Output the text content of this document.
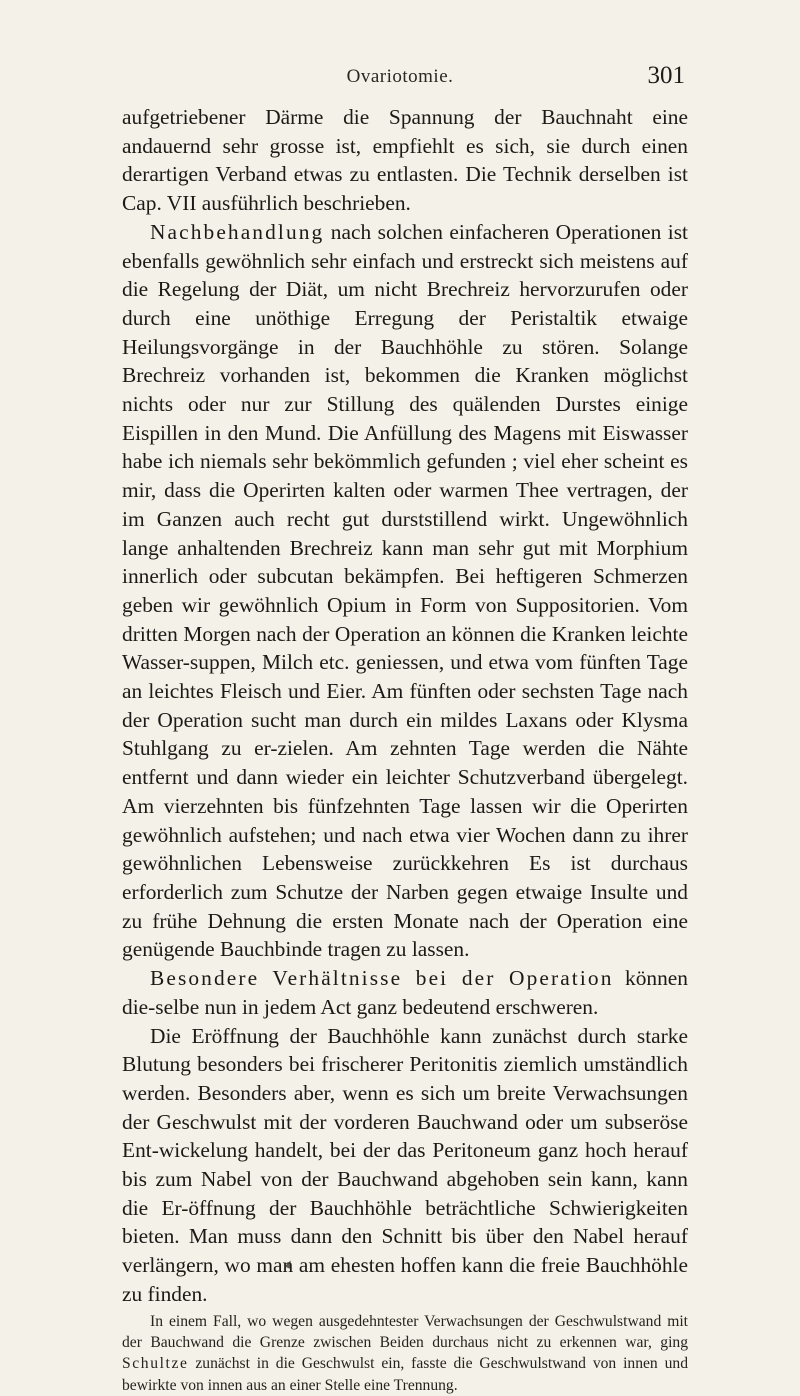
Ovariotomie.	301

aufgetriebener Därme die Spannung der Bauchnaht eine andauernd sehr grosse ist, empfiehlt es sich, sie durch einen derartigen Verband etwas zu entlasten. Die Technik derselben ist Cap. VII ausführlich beschrieben.

Nachbehandlung nach solchen einfacheren Operationen ist ebenfalls gewöhnlich sehr einfach und erstreckt sich meistens auf die Regelung der Diät, um nicht Brechreiz hervorzurufen oder durch eine unöthige Erregung der Peristaltik etwaige Heilungsvorgänge in der Bauchhöhle zu stören. Solange Brechreiz vorhanden ist, bekommen die Kranken möglichst nichts oder nur zur Stillung des quälenden Durstes einige Eispillen in den Mund. Die Anfüllung des Magens mit Eiswasser habe ich niemals sehr bekömmlich gefunden ; viel eher scheint es mir, dass die Operirten kalten oder warmen Thee vertragen, der im Ganzen auch recht gut durststillend wirkt. Ungewöhnlich lange anhaltenden Brechreiz kann man sehr gut mit Morphium innerlich oder subcutan bekämpfen. Bei heftigeren Schmerzen geben wir gewöhnlich Opium in Form von Suppositorien. Vom dritten Morgen nach der Operation an können die Kranken leichte Wasser-suppen, Milch etc. geniessen, und etwa vom fünften Tage an leichtes Fleisch und Eier. Am fünften oder sechsten Tage nach der Operation sucht man durch ein mildes Laxans oder Klysma Stuhlgang zu er-zielen. Am zehnten Tage werden die Nähte entfernt und dann wieder ein leichter Schutzverband übergelegt. Am vierzehnten bis fünfzehnten Tage lassen wir die Operirten gewöhnlich aufstehen; und nach etwa vier Wochen dann zu ihrer gewöhnlichen Lebensweise zurückkehren Es ist durchaus erforderlich zum Schutze der Narben gegen etwaige Insulte und zu frühe Dehnung die ersten Monate nach der Operation eine genügende Bauchbinde tragen zu lassen.

Besondere Verhältnisse bei der Operation können die-selbe nun in jedem Act ganz bedeutend erschweren.

Die Eröffnung der Bauchhöhle kann zunächst durch starke Blutung besonders bei frischerer Peritonitis ziemlich umständlich werden. Besonders aber, wenn es sich um breite Verwachsungen der Geschwulst mit der vorderen Bauchwand oder um subseröse Ent-wickelung handelt, bei der das Peritoneum ganz hoch herauf bis zum Nabel von der Bauchwand abgehoben sein kann, kann die Er-öffnung der Bauchhöhle beträchtliche Schwierigkeiten bieten. Man muss dann den Schnitt bis über den Nabel herauf verlängern, wo man am ehesten hoffen kann die freie Bauchhöhle zu finden.

In einem Fall, wo wegen ausgedehntester Verwachsungen der Geschwulstwand mit der Bauchwand die Grenze zwischen Beiden durchaus nicht zu erkennen war, ging Schultze zunächst in die Geschwulst ein, fasste die Geschwulstwand von innen und bewirkte von innen aus an einer Stelle eine Trennung.
